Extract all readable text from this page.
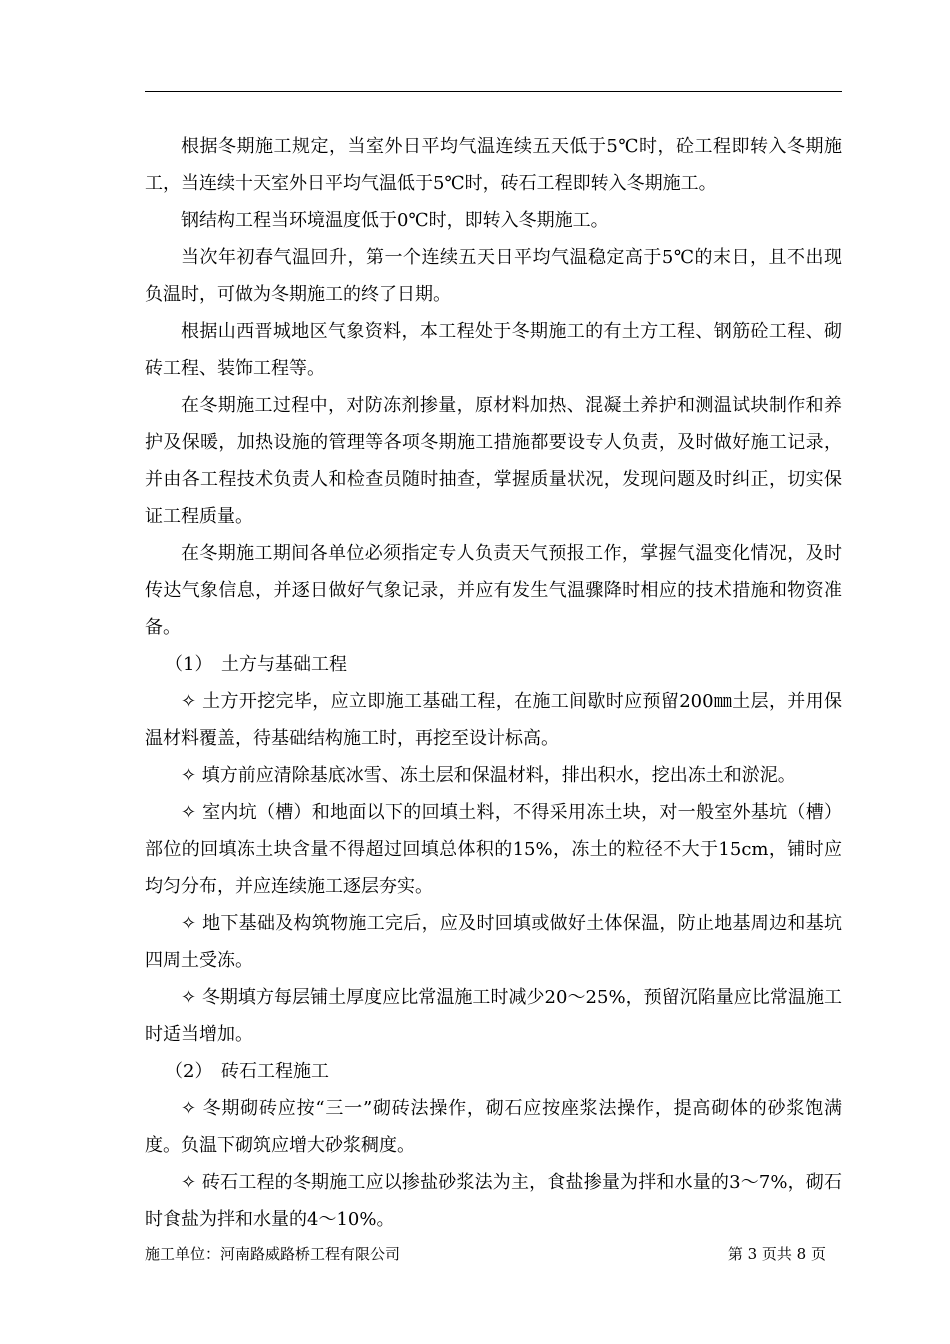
根据冬期施工规定，当室外日平均气温连续五天低于5℃时，砼工程即转入冬期施工，当连续十天室外日平均气温低于5℃时，砖石工程即转入冬期施工。

钢结构工程当环境温度低于0℃时，即转入冬期施工。

当次年初春气温回升，第一个连续五天日平均气温稳定高于5℃的末日，且不出现负温时，可做为冬期施工的终了日期。

根据山西晋城地区气象资料，本工程处于冬期施工的有土方工程、钢筋砼工程、砌砖工程、装饰工程等。

在冬期施工过程中，对防冻剂掺量，原材料加热、混凝土养护和测温试块制作和养护及保暖，加热设施的管理等各项冬期施工措施都要设专人负责，及时做好施工记录，并由各工程技术负责人和检查员随时抽查，掌握质量状况，发现问题及时纠正，切实保证工程质量。

在冬期施工期间各单位必须指定专人负责天气预报工作，掌握气温变化情况，及时传达气象信息，并逐日做好气象记录，并应有发生气温骤降时相应的技术措施和物资准备。

（1） 土方与基础工程

✧ 土方开挖完毕，应立即施工基础工程，在施工间歇时应预留200㎜土层，并用保温材料覆盖，待基础结构施工时，再挖至设计标高。

✧ 填方前应清除基底冰雪、冻土层和保温材料，排出积水，挖出冻土和淤泥。

✧ 室内坑（槽）和地面以下的回填土料，不得采用冻土块，对一般室外基坑（槽）部位的回填冻土块含量不得超过回填总体积的15%，冻土的粒径不大于15cm，铺时应均匀分布，并应连续施工逐层夯实。

✧ 地下基础及构筑物施工完后，应及时回填或做好土体保温，防止地基周边和基坑四周土受冻。

✧ 冬期填方每层铺土厚度应比常温施工时减少20～25%，预留沉陷量应比常温施工时适当增加。

（2） 砖石工程施工

✧ 冬期砌砖应按“三一”砌砖法操作，砌石应按座浆法操作，提高砌体的砂浆饱满度。负温下砌筑应增大砂浆稠度。

✧ 砖石工程的冬期施工应以掺盐砂浆法为主，食盐掺量为拌和水量的3～7%，砌石时食盐为拌和水量的4～10%。

施工单位：河南路威路桥工程有限公司	第 3 页共 8 页
